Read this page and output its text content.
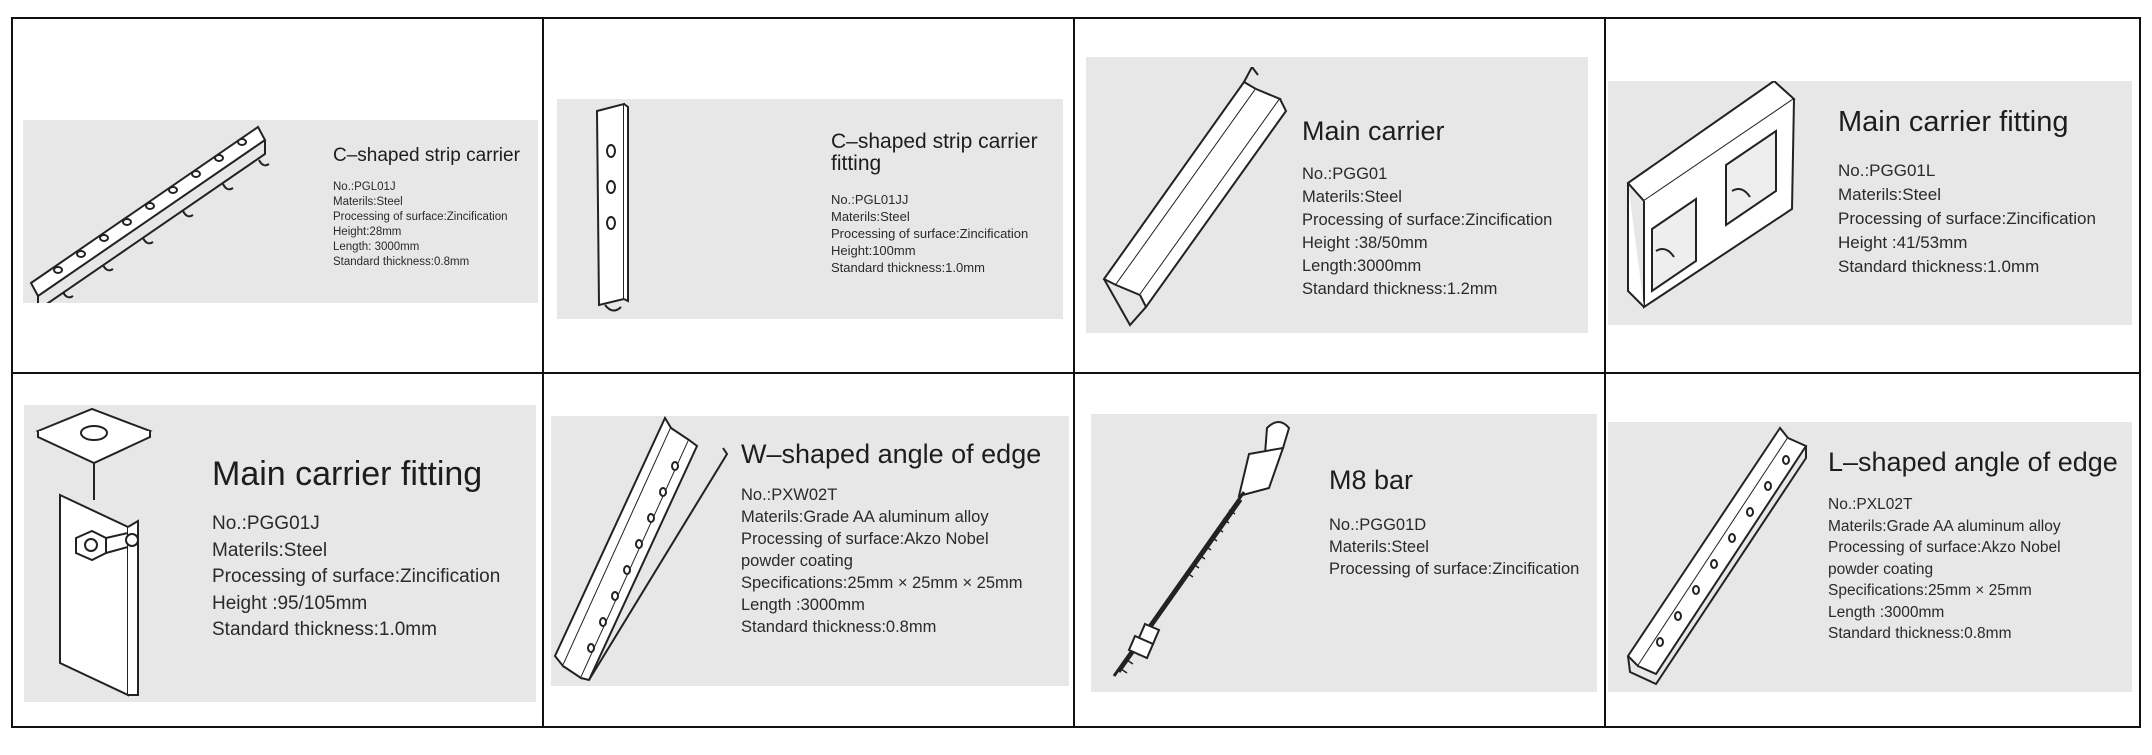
C–shaped strip carrier
No.:PGL01J
Materils:Steel
Processing of surface:Zincification
Height:28mm
Length: 3000mm
Standard thickness:0.8mm
C–shaped strip carrier fitting
No.:PGL01JJ
Materils:Steel
Processing of surface:Zincification
Height:100mm
Standard thickness:1.0mm
Main carrier
No.:PGG01
Materils:Steel
Processing of surface:Zincification
Height :38/50mm
Length:3000mm
Standard thickness:1.2mm
Main carrier fitting
No.:PGG01L
Materils:Steel
Processing of surface:Zincification
Height :41/53mm
Standard thickness:1.0mm
Main carrier fitting
No.:PGG01J
Materils:Steel
Processing of surface:Zincification
Height :95/105mm
Standard thickness:1.0mm
W–shaped angle of edge
No.:PXW02T
Materils:Grade AA aluminum alloy
Processing of surface:Akzo Nobel
powder coating
Specifications:25mm × 25mm × 25mm
Length :3000mm
Standard thickness:0.8mm
M8 bar
No.:PGG01D
Materils:Steel
Processing of surface:Zincification
L–shaped angle of edge
No.:PXL02T
Materils:Grade AA aluminum alloy
Processing of surface:Akzo Nobel
powder coating
Specifications:25mm × 25mm
Length :3000mm
Standard thickness:0.8mm
